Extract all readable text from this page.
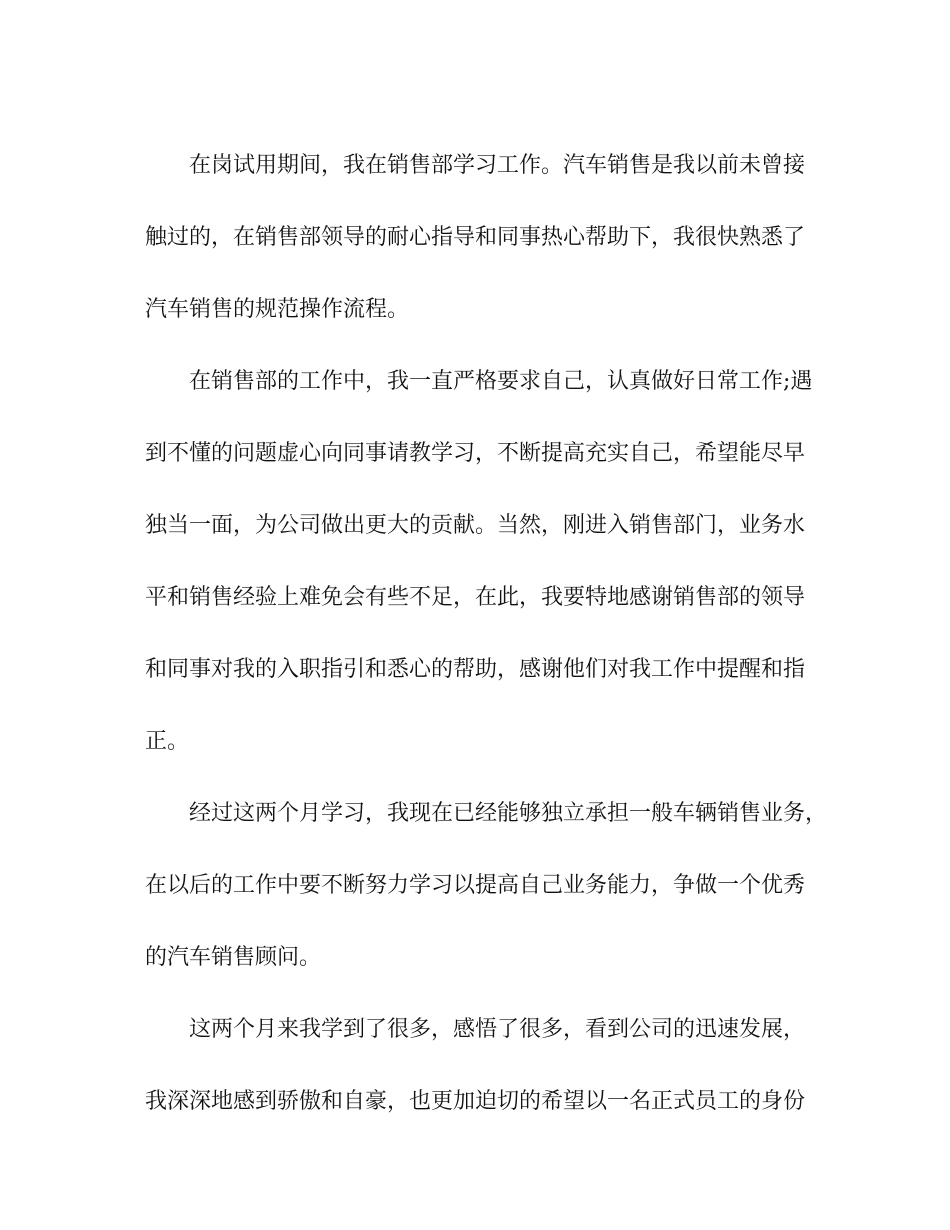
在岗试用期间，我在销售部学习工作。汽车销售是我以前未曾接
触过的，在销售部领导的耐心指导和同事热心帮助下，我很快熟悉了
汽车销售的规范操作流程。

在销售部的工作中，我一直严格要求自己，认真做好日常工作;遇
到不懂的问题虚心向同事请教学习，不断提高充实自己，希望能尽早
独当一面，为公司做出更大的贡献。当然，刚进入销售部门，业务水
平和销售经验上难免会有些不足，在此，我要特地感谢销售部的领导
和同事对我的入职指引和悉心的帮助，感谢他们对我工作中提醒和指
正。

经过这两个月学习，我现在已经能够独立承担一般车辆销售业务，
在以后的工作中要不断努力学习以提高自己业务能力，争做一个优秀
的汽车销售顾问。

这两个月来我学到了很多，感悟了很多，看到公司的迅速发展，
我深深地感到骄傲和自豪，也更加迫切的希望以一名正式员工的身份
